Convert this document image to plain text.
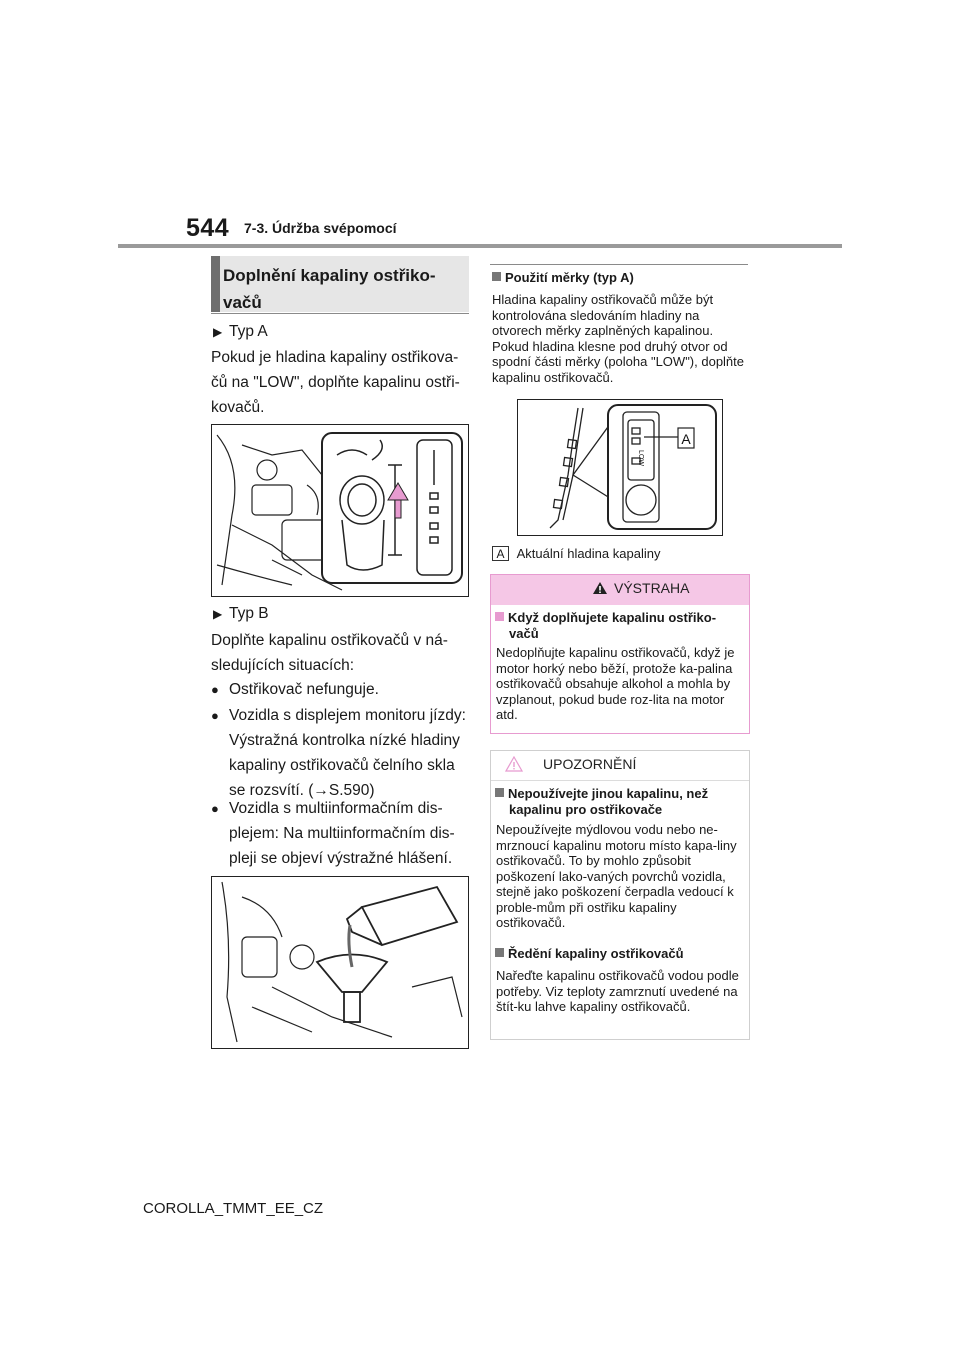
544 7-3. Údržba svépomocí
Doplnění kapaliny ostřiko-vačů
▶ Typ A
Pokud je hladina kapaliny ostřikova-čů na "LOW", doplňte kapalinu ostři-kovačů.
▶ Typ B
Doplňte kapalinu ostřikovačů v ná-sledujících situacích:
● Ostřikovač nefunguje.
● Vozidla s displejem monitoru jízdy: Výstražná kontrolka nízké hladiny kapaliny ostřikovačů čelního skla se rozsvítí. (→S.590)
● Vozidla s multiinformačním dis-plejem: Na multiinformačním dis-pleji se objeví výstražné hlášení.
Použití měrky (typ A)
Hladina kapaliny ostřikovačů může být kontrolována sledováním hladiny na otvorech měrky zaplněných kapalinou. Pokud hladina klesne pod druhý otvor od spodní části měrky (poloha "LOW"), doplňte kapalinu ostřikovačů.
A
LOW
A Aktuální hladina kapaliny
VÝSTRAHA
Když doplňujete kapalinu ostřiko-vačů
Nedoplňujte kapalinu ostřikovačů, když je motor horký nebo běží, protože ka-palina ostřikovačů obsahuje alkohol a mohla by vzplanout, pokud bude roz-lita na motor atd.
UPOZORNĚNÍ
Nepoužívejte jinou kapalinu, než kapalinu pro ostřikovače
Nepoužívejte mýdlovou vodu nebo ne-mrznoucí kapalinu motoru místo kapa-liny ostřikovačů. To by mohlo způsobit poškození lako-vaných povrchů vozidla, stejně jako poškození čerpadla vedoucí k proble-mům při ostřiku kapaliny ostřikovačů.
Ředění kapaliny ostřikovačů
Nařeďte kapalinu ostřikovačů vodou podle potřeby. Viz teploty zamrznutí uvedené na štít-ku lahve kapaliny ostřikovačů.
COROLLA_TMMT_EE_CZ
